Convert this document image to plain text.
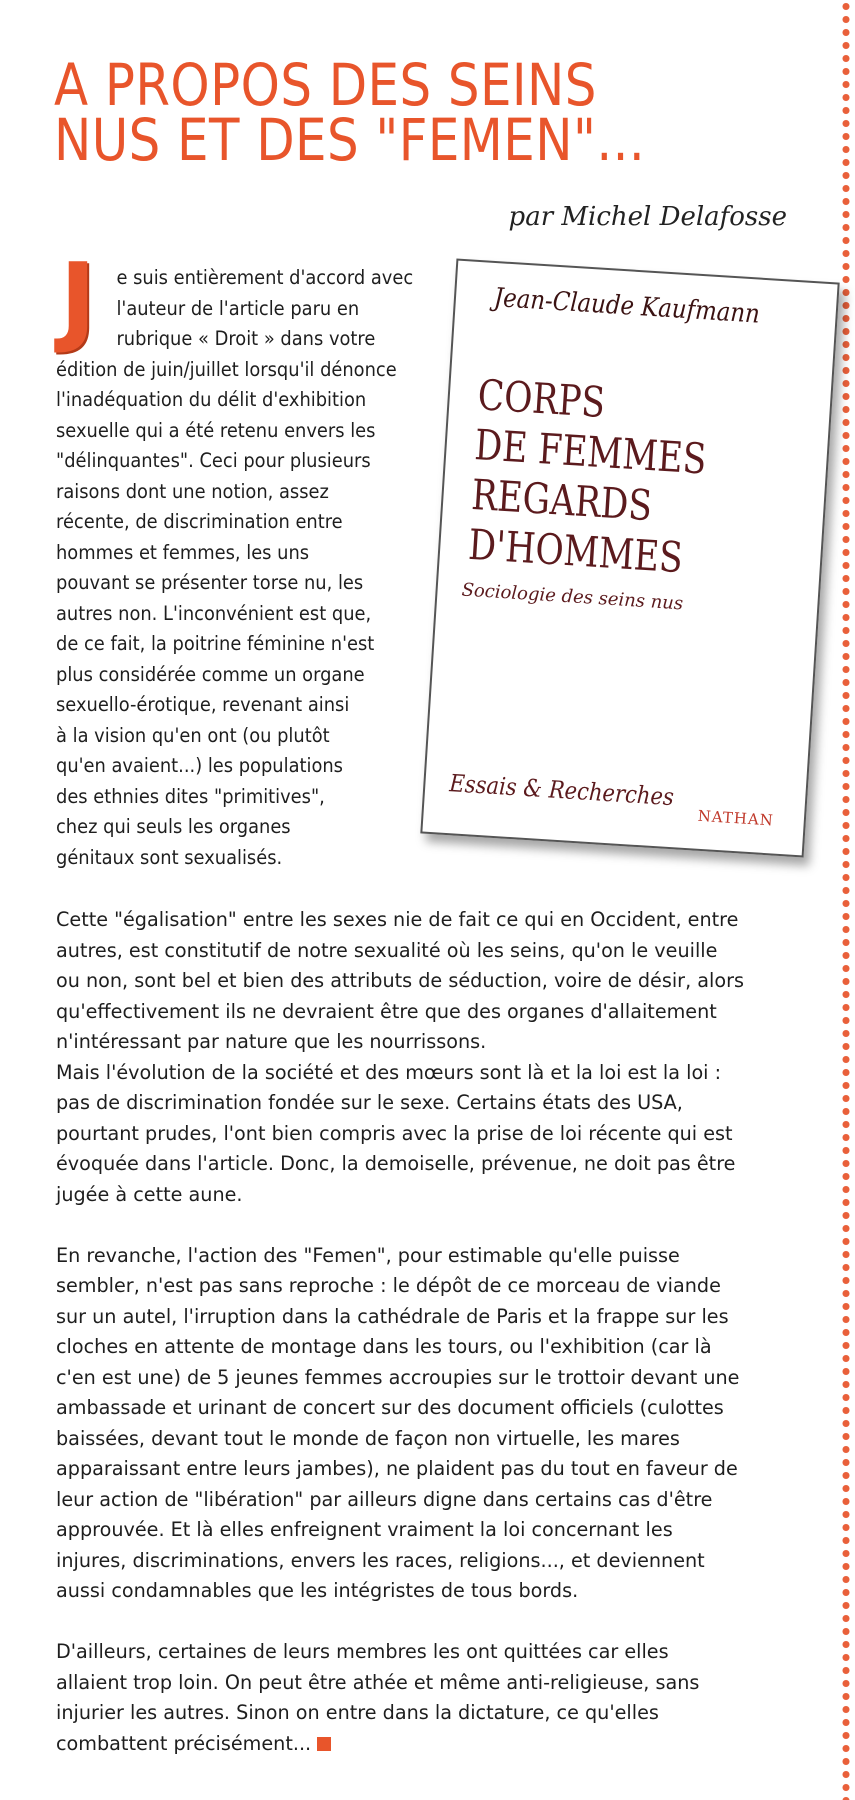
A PROPOS DES SEINS
NUS ET DES "FEMEN"...

par Michel Delafosse

J	e suis entièrement d'accord avec
l'auteur de l'article paru en
rubrique « Droit » dans votre
édition de juin/juillet lorsqu'il dénonce
l'inadéquation du délit d'exhibition
sexuelle qui a été retenu envers les
"délinquantes". Ceci pour plusieurs
raisons dont une notion, assez
récente, de discrimination entre
hommes et femmes, les uns
pouvant se présenter torse nu, les
autres non. L'inconvénient est que,
de ce fait, la poitrine féminine n'est
plus considérée comme un organe
sexuello-érotique, revenant ainsi
à la vision qu'en ont (ou plutôt
qu'en avaient...) les populations
des ethnies dites "primitives",
chez qui seuls les organes
génitaux sont sexualisés.
Jean-Claude Kaufmann
CORPS
DE FEMMES
REGARDS
D'HOMMES
Sociologie des seins nus
Essais & Recherches
NATHAN

Cette "égalisation" entre les sexes nie de fait ce qui en Occident, entre
autres, est constitutif de notre sexualité où les seins, qu'on le veuille
ou non, sont bel et bien des attributs de séduction, voire de désir, alors
qu'effectivement ils ne devraient être que des organes d'allaitement
n'intéressant par nature que les nourrissons.
Mais l'évolution de la société et des mœurs sont là et la loi est la loi :
pas de discrimination fondée sur le sexe. Certains états des USA,
pourtant prudes, l'ont bien compris avec la prise de loi récente qui est
évoquée dans l'article. Donc, la demoiselle, prévenue, ne doit pas être
jugée à cette aune.

En revanche, l'action des "Femen", pour estimable qu'elle puisse
sembler, n'est pas sans reproche : le dépôt de ce morceau de viande
sur un autel, l'irruption dans la cathédrale de Paris et la frappe sur les
cloches en attente de montage dans les tours, ou l'exhibition (car là
c'en est une) de 5 jeunes femmes accroupies sur le trottoir devant une
ambassade et urinant de concert sur des document officiels (culottes
baissées, devant tout le monde de façon non virtuelle, les mares
apparaissant entre leurs jambes), ne plaident pas du tout en faveur de
leur action de "libération" par ailleurs digne dans certains cas d'être
approuvée. Et là elles enfreignent vraiment la loi concernant les
injures, discriminations, envers les races, religions..., et deviennent
aussi condamnables que les intégristes de tous bords.

D'ailleurs, certaines de leurs membres les ont quittées car elles
allaient trop loin. On peut être athée et même anti-religieuse, sans
injurier les autres. Sinon on entre dans la dictature, ce qu'elles
combattent précisément...
